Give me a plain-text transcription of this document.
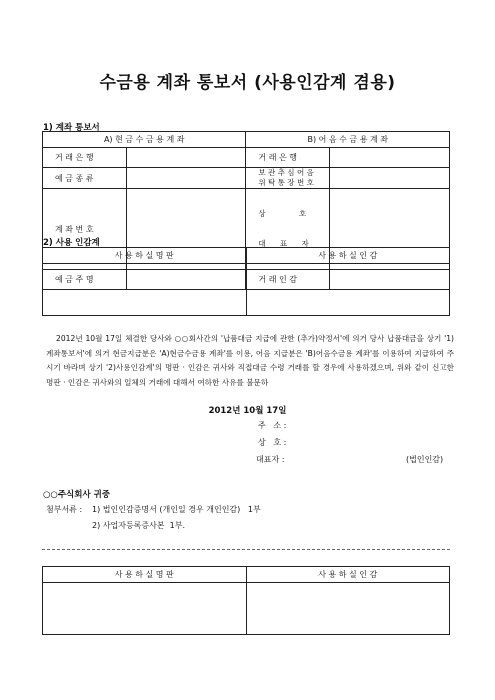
수금용 계좌 통보서 (사용인감계 겸용)
1) 계좌 통보서
A) 현 금 수 금 용 계 좌		B) 어 음 수 금 용 계 좌	
거 래 은 행		거 래 은 행	
예 금 종 류		보 관 추 심 어 음
위 탁 통 장 번 호	

계 좌 번 호		상              호

대      표      자	

예 금 주 명		거 래 인 감	
2) 사용 인감계
사 용 하 실 명 판	사 용 하 실 인 감

2012년 10월 17일 체결한 당사와 ○○회사간의 '납품대금 지급에 관한 (추가)약정서'에 의거 당사 납품대금을 상기 '1)계좌통보서'에 의거 현금지급분은 'A)현금수금용 계좌'를 이용, 어음 지급분은 'B)어음수금용 계좌'를 이용하여 지급하여 주시기 바라며 상기 '2)사용인감계'의 명판 · 인감은 귀사와 직접대금 수령 거래를 할 경우에 사용하겠으며, 위와 같이 신고한 명판 · 인감은 귀사와의 일체의 거래에 대해서 여하한 사유를 불문하
2012년 10월 17일
주   소 :
상   호 :
대표자 :	(법인인감)
○○주식회사 귀중
첨부서류 : 1) 법인인감증명서 (개인일 경우 개인인감)   1부
2) 사업자등록증사본  1부.
사 용 하 실 명 판	사 용 하 실 인 감
